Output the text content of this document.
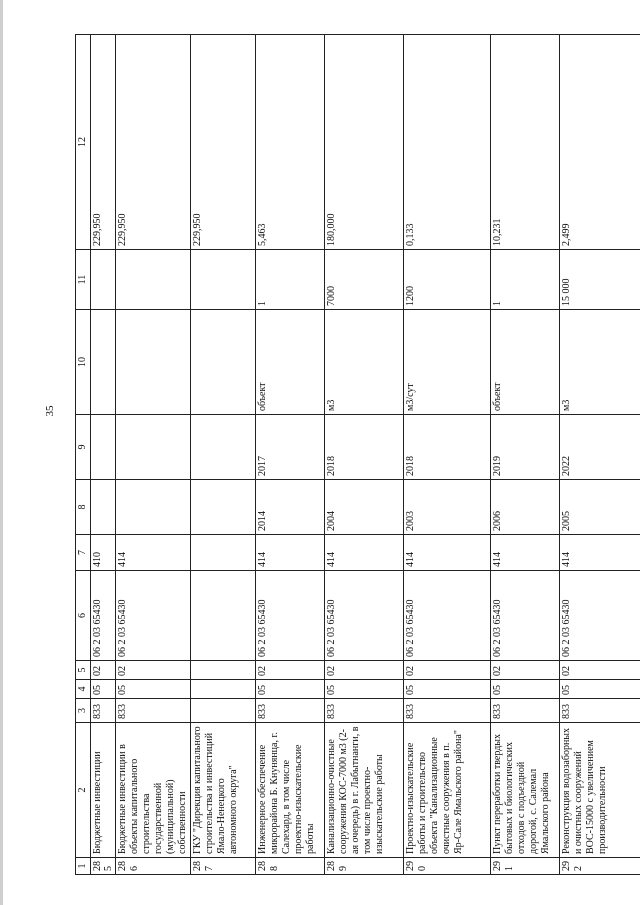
35
1	2	3	4	5	6	7	8	9	10	11	12
285	Бюджетные инвестиции	833	05	02	06 2 03 65430	410					229,950
286	Бюджетные инвестиции в объекты капитального строительства государственной (муниципальной) собственности	833	05	02	06 2 03 65430	414					229,950
287	ГКУ "Дирекция капитального строительства и инвестиций Ямало-Ненецкого автономного округа"										229,950
288	Инженерное обеспечение микрорайона Б. Кнунянца, г. Салехард, в том числе проектно-изыскательские работы	833	05	02	06 2 03 65430	414	2014	2017	объект	1	5,463
289	Канализационно-очистные сооружения КОС-7000 м3 (2-ая очередь) в г. Лабытнанги, в том числе проектно-изыскательские работы	833	05	02	06 2 03 65430	414	2004	2018	м3	7000	180,000
290	Проектно-изыскательские работы и строительство объекта "Канализационные очистные сооружения в п. Яр-Сале Ямальского района"	833	05	02	06 2 03 65430	414	2003	2018	м3/сут	1200	0,133
291	Пункт переработки твердых бытовых и биологических отходов с подъездной дорогой, с. Салемал Ямальского района	833	05	02	06 2 03 65430	414	2006	2019	объект	1	10,231
292	Реконструкция водозаборных и очистных сооружений ВОС-15000 с увеличением производительности	833	05	02	06 2 03 65430	414	2005	2022	м3	15 000	2,499
